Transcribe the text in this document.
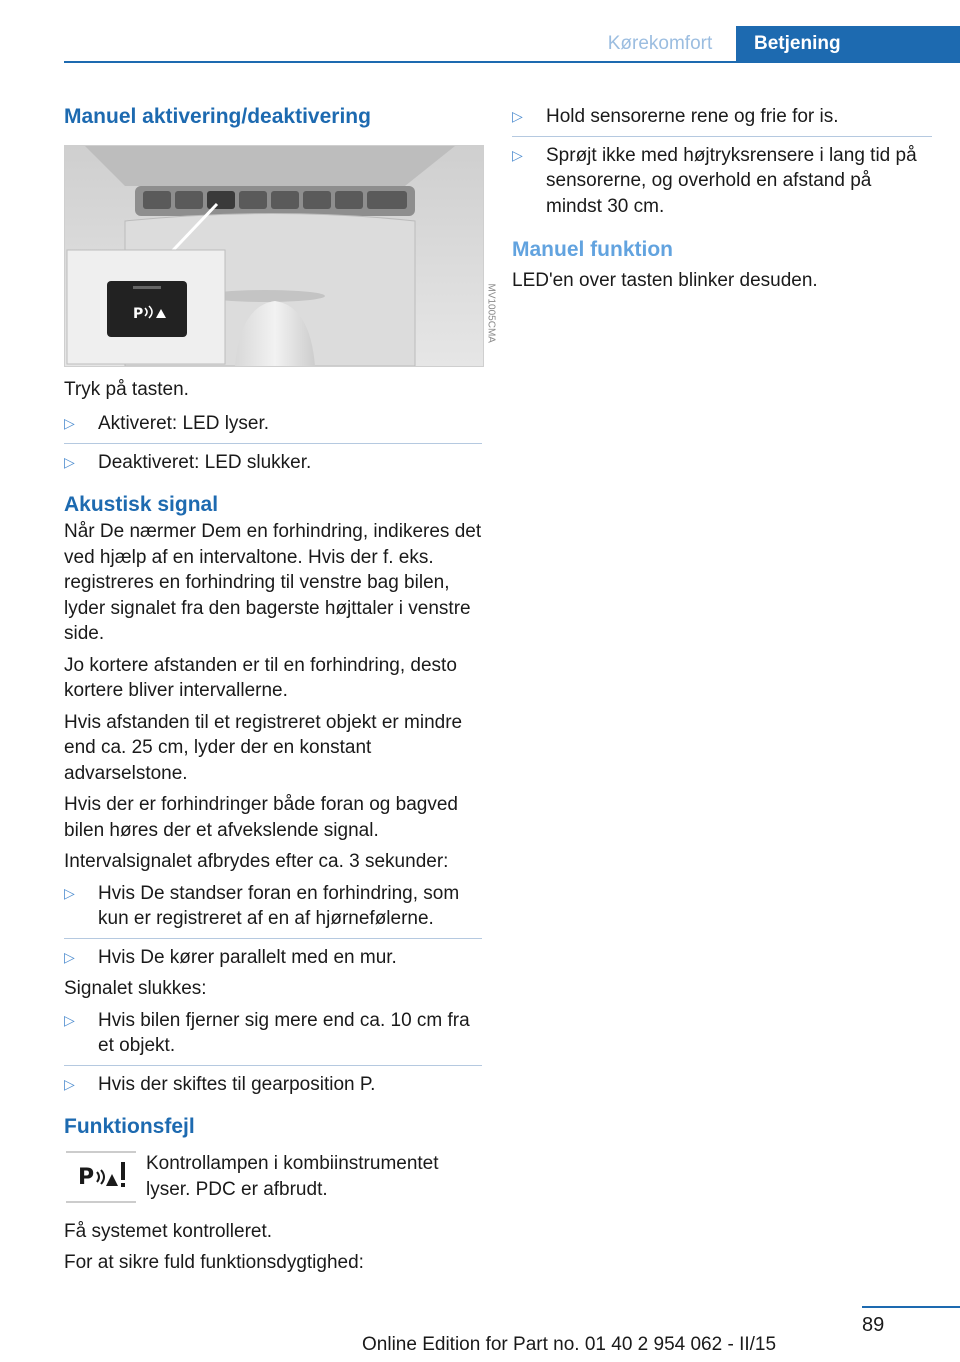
Kørekomfort	Betjening
Manuel aktivering/deaktivering
P	MV1005CMA

Tryk på tasten.

▷ Aktiveret: LED lyser.
▷ Deaktiveret: LED slukker.
Akustisk signal

Når De nærmer Dem en forhindring, indikeres det ved hjælp af en intervaltone. Hvis der f. eks. registreres en forhindring til venstre bag bilen, lyder signalet fra den bagerste højttaler i venstre side.

Jo kortere afstanden er til en forhindring, desto kortere bliver intervallerne.

Hvis afstanden til et registreret objekt er mindre end ca. 25 cm, lyder der en konstant advarselstone.

Hvis der er forhindringer både foran og bagved bilen høres der et afvekslende signal.

Intervalsignalet afbrydes efter ca. 3 sekunder:

▷ Hvis De standser foran en forhindring, som kun er registreret af en af hjørnefølerne.
▷ Hvis De kører parallelt med en mur.

Signalet slukkes:

▷ Hvis bilen fjerner sig mere end ca. 10 cm fra et objekt.
▷ Hvis der skiftes til gearposition P.
Funktionsfejl
P

Kontrollampen i kombiinstrumentet lyser. PDC er afbrudt.

Få systemet kontrolleret.

For at sikre fuld funktionsdygtighed:

▷ Hold sensorerne rene og frie for is.
▷ Sprøjt ikke med højtryksrensere i lang tid på sensorerne, og overhold en afstand på mindst 30 cm.
Manuel funktion

LED'en over tasten blinker desuden.

89
Online Edition for Part no. 01 40 2 954 062 - II/15
